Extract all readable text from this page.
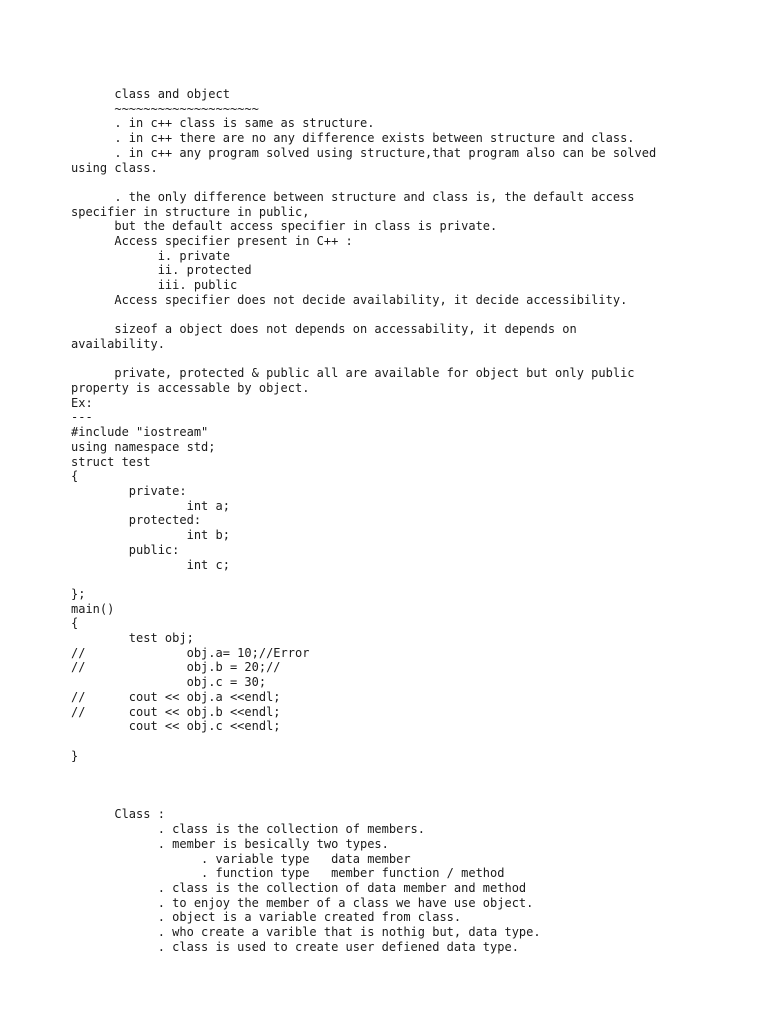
class and object
~~~~~~~~~~~~~~~~~~~~
. in c++ class is same as structure.
. in c++ there are no any difference exists between structure and class.
. in c++ any program solved using structure,that program also can be solved
using class.

. the only difference between structure and class is, the default access
specifier in structure in public,
but the default access specifier in class is private.
Access specifier present in C++ :
i. private
ii. protected
iii. public
Access specifier does not decide availability, it decide accessibility.

sizeof a object does not depends on accessability, it depends on
availability.

private, protected & public all are available for object but only public
property is accessable by object.
Ex:
---
#include "iostream"
using namespace std;
struct test
{
private:
int a;
protected:
int b;
public:
int c;

};
main()
{
test obj;
//              obj.a= 10;//Error
//              obj.b = 20;//
obj.c = 30;
//      cout << obj.a <<endl;
//      cout << obj.b <<endl;
cout << obj.c <<endl;

}

Class :
. class is the collection of members.
. member is besically two types.
. variable type   data member
. function type   member function / method
. class is the collection of data member and method
. to enjoy the member of a class we have use object.
. object is a variable created from class.
. who create a varible that is nothig but, data type.
. class is used to create user defiened data type.
